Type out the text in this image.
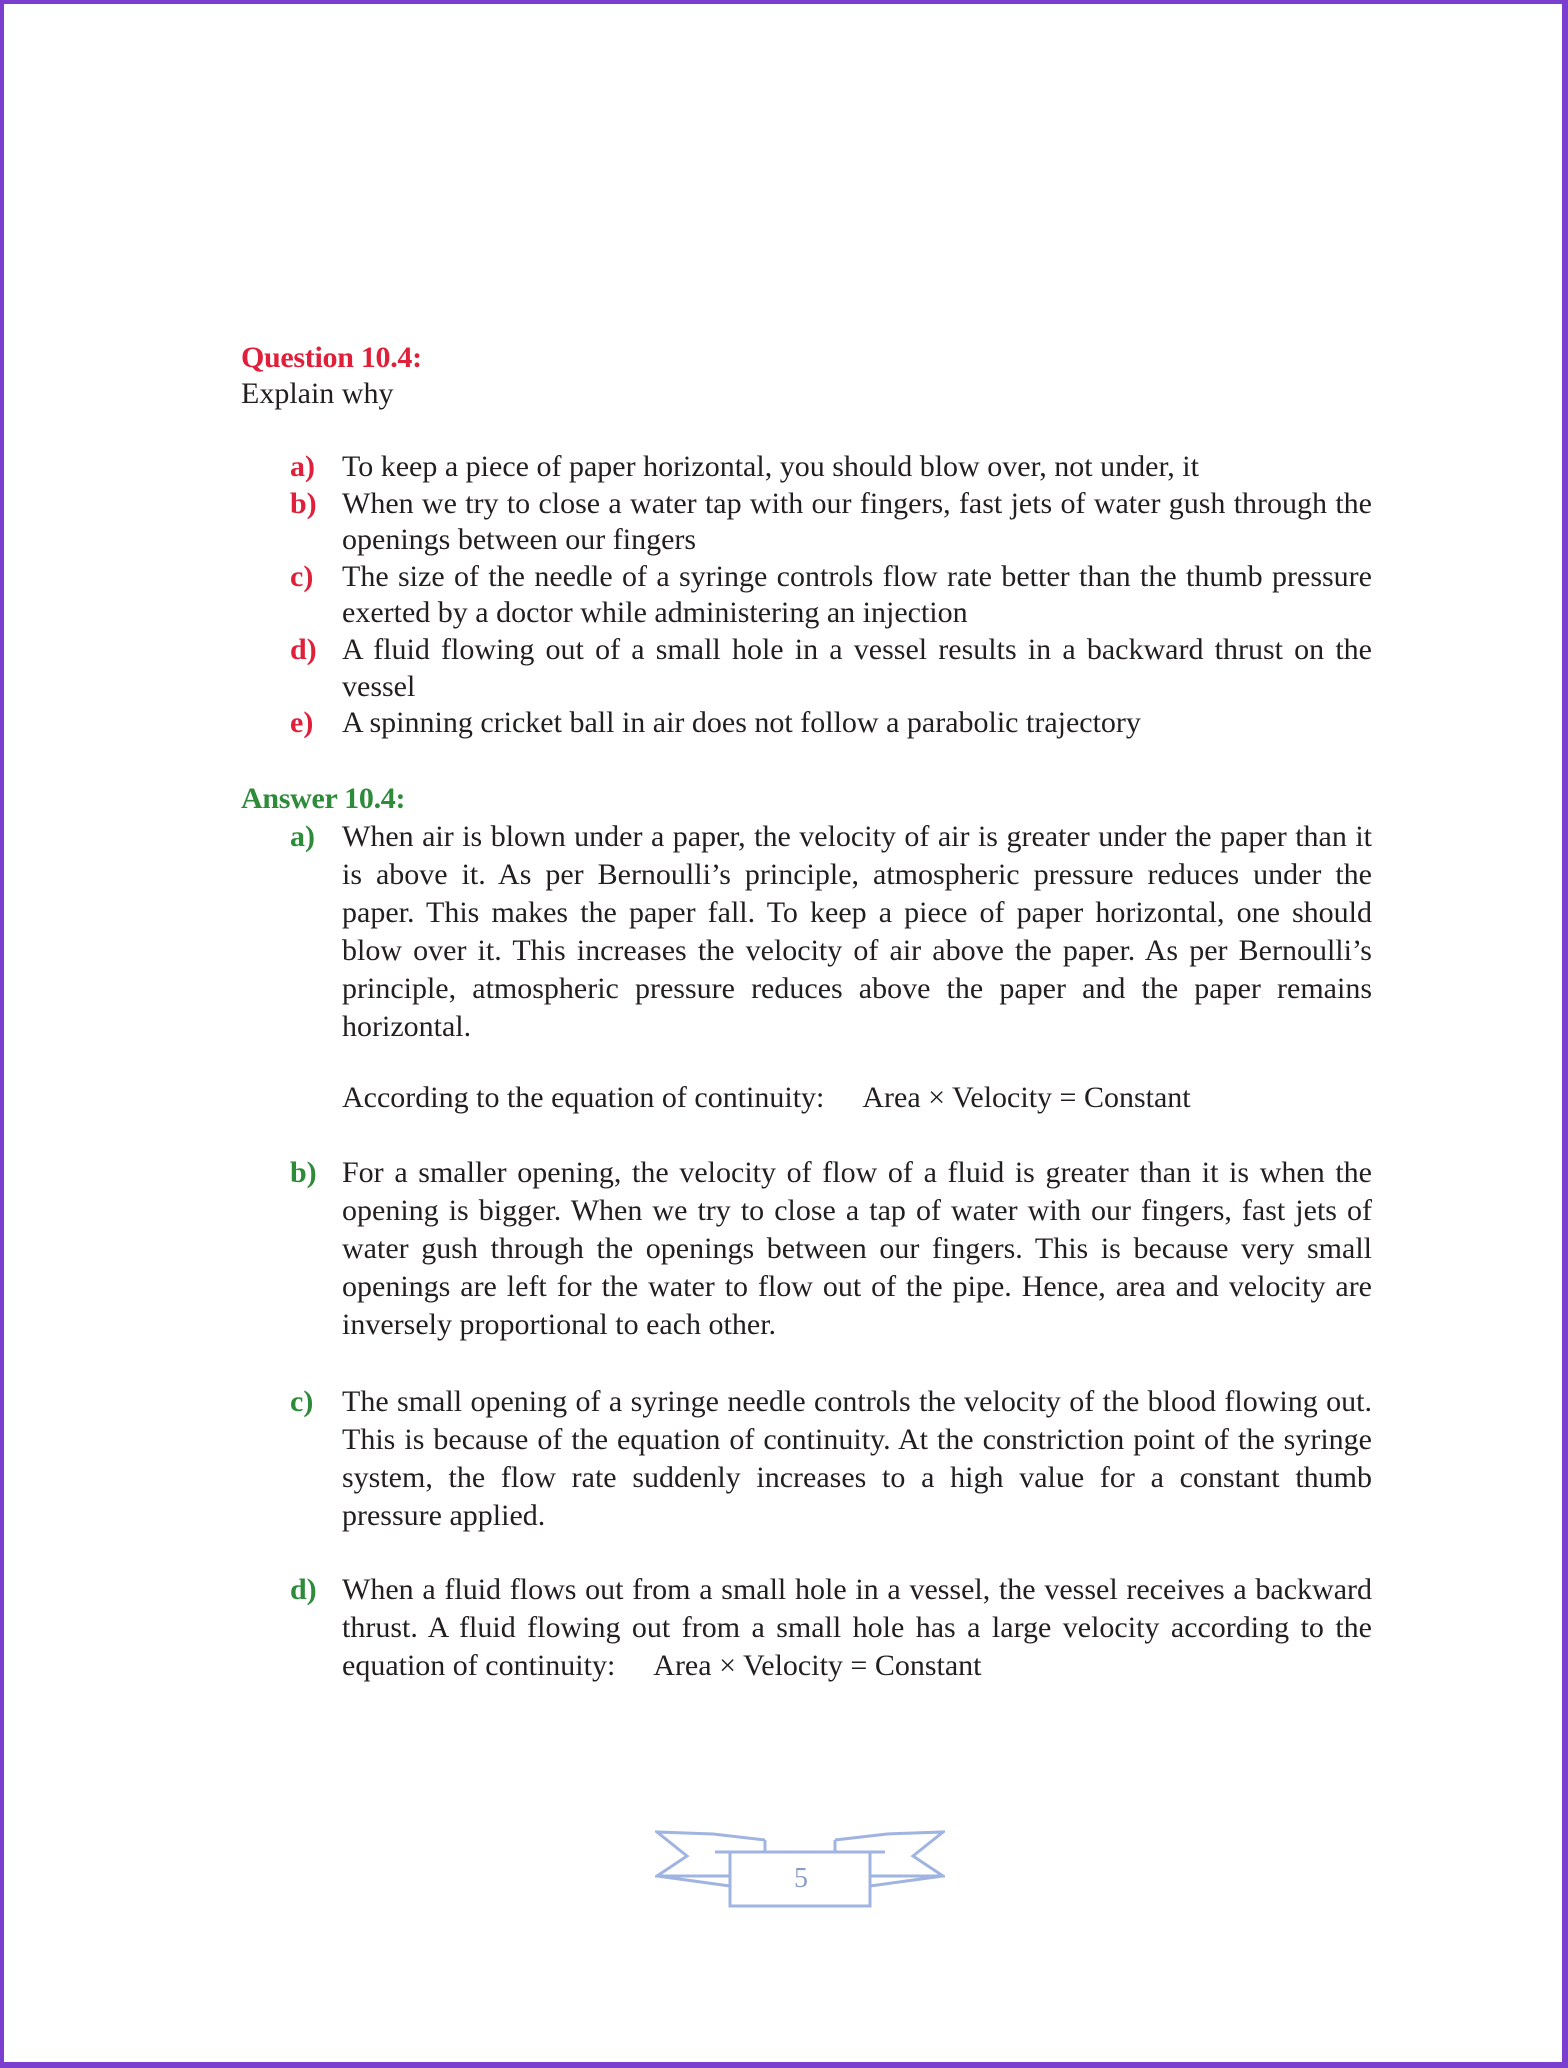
Question 10.4:
Explain why
a) To keep a piece of paper horizontal, you should blow over, not under, it
b) When we try to close a water tap with our fingers, fast jets of water gush through the openings between our fingers
c) The size of the needle of a syringe controls flow rate better than the thumb pressure exerted by a doctor while administering an injection
d) A fluid flowing out of a small hole in a vessel results in a backward thrust on the vessel
e) A spinning cricket ball in air does not follow a parabolic trajectory
Answer 10.4:
a) When air is blown under a paper, the velocity of air is greater under the paper than it is above it. As per Bernoulli’s principle, atmospheric pressure reduces under the paper. This makes the paper fall. To keep a piece of paper horizontal, one should blow over it. This increases the velocity of air above the paper. As per Bernoulli’s principle, atmospheric pressure reduces above the paper and the paper remains horizontal.
According to the equation of continuity: Area × Velocity = Constant
b) For a smaller opening, the velocity of flow of a fluid is greater than it is when the opening is bigger. When we try to close a tap of water with our fingers, fast jets of water gush through the openings between our fingers. This is because very small openings are left for the water to flow out of the pipe. Hence, area and velocity are inversely proportional to each other.
c) The small opening of a syringe needle controls the velocity of the blood flowing out. This is because of the equation of continuity. At the constriction point of the syringe system, the flow rate suddenly increases to a high value for a constant thumb pressure applied.
d) When a fluid flows out from a small hole in a vessel, the vessel receives a backward thrust. A fluid flowing out from a small hole has a large velocity according to the equation of continuity: Area × Velocity = Constant
5
